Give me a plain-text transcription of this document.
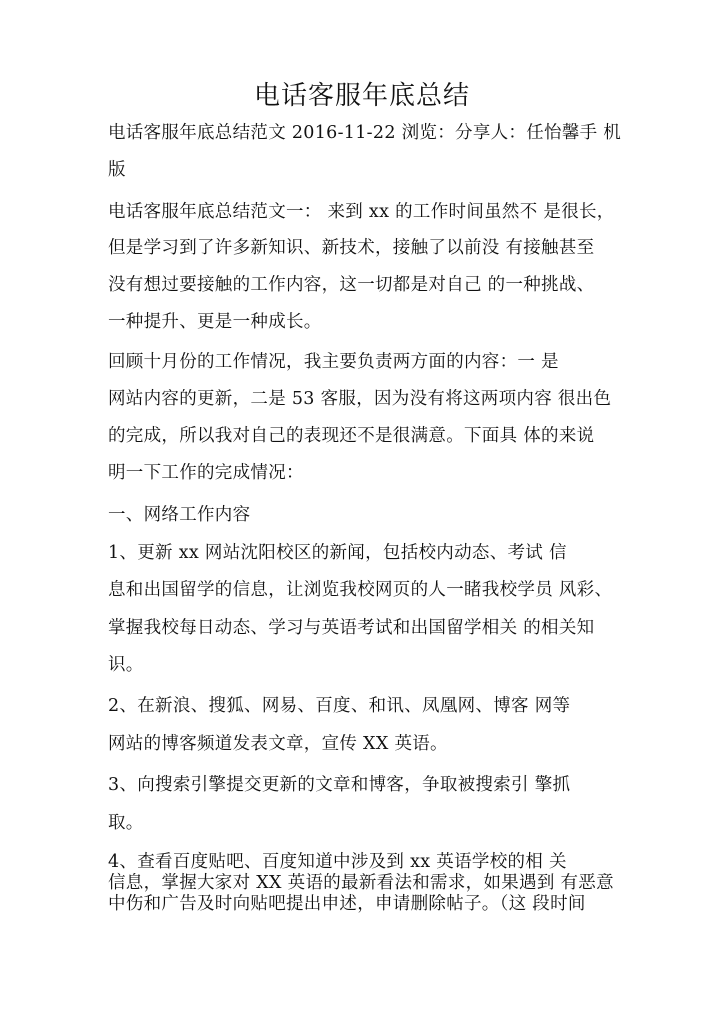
电话客服年底总结
电话客服年底总结范文 2016-11-22 浏览：分享人：任怡馨手 机
版
电话客服年底总结范文一： 来到 xx 的工作时间虽然不 是很长，
但是学习到了许多新知识、新技术，接触了以前没 有接触甚至
没有想过要接触的工作内容，这一切都是对自己 的一种挑战、
一种提升、更是一种成长。
回顾十月份的工作情况，我主要负责两方面的内容：一 是
网站内容的更新，二是 53 客服，因为没有将这两项内容 很出色
的完成，所以我对自己的表现还不是很满意。下面具 体的来说
明一下工作的完成情况：
一、网络工作内容
1、更新 xx 网站沈阳校区的新闻，包括校内动态、考试 信
息和出国留学的信息，让浏览我校网页的人一睹我校学员 风彩、
掌握我校每日动态、学习与英语考试和出国留学相关 的相关知
识。
2、在新浪、搜狐、网易、百度、和讯、凤凰网、博客 网等
网站的博客频道发表文章，宣传 XX 英语。
3、向搜索引擎提交更新的文章和博客，争取被搜索引 擎抓
取。
4、查看百度贴吧、百度知道中涉及到 xx 英语学校的相 关
信息，掌握大家对 XX 英语的最新看法和需求，如果遇到 有恶意
中伤和广告及时向贴吧提出申述，申请删除帖子。（这 段时间
